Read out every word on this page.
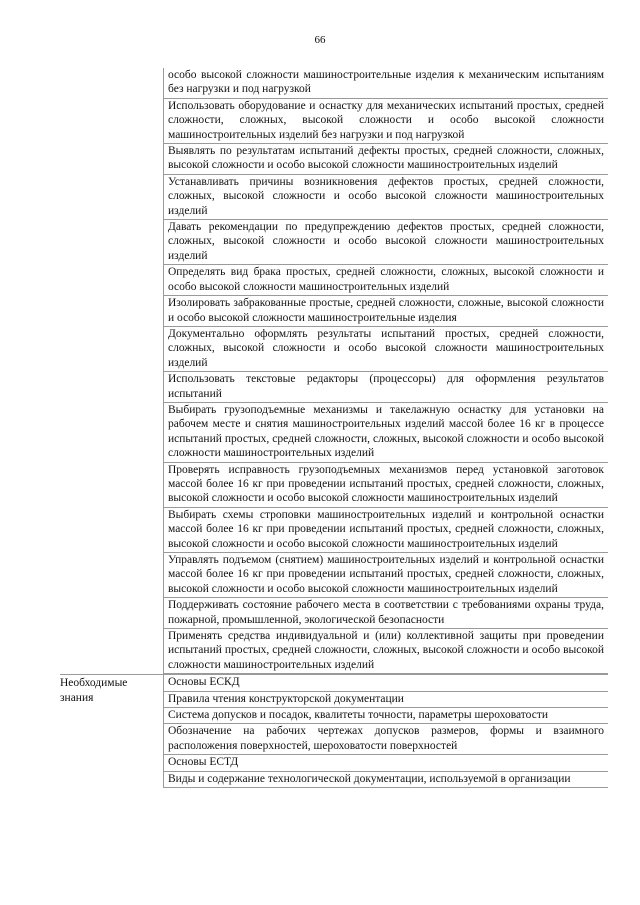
66
особо высокой сложности машиностроительные изделия к механическим испытаниям без нагрузки и под нагрузкой
Использовать оборудование и оснастку для механических испытаний простых, средней сложности, сложных, высокой сложности и особо высокой сложности машиностроительных изделий без нагрузки и под нагрузкой
Выявлять по результатам испытаний дефекты простых, средней сложности, сложных, высокой сложности и особо высокой сложности машиностроительных изделий
Устанавливать причины возникновения дефектов простых, средней сложности, сложных, высокой сложности и особо высокой сложности машиностроительных изделий
Давать рекомендации по предупреждению дефектов простых, средней сложности, сложных, высокой сложности и особо высокой сложности машиностроительных изделий
Определять вид брака простых, средней сложности, сложных, высокой сложности и особо высокой сложности машиностроительных изделий
Изолировать забракованные простые, средней сложности, сложные, высокой сложности и особо высокой сложности машиностроительные изделия
Документально оформлять результаты испытаний простых, средней сложности, сложных, высокой сложности и особо высокой сложности машиностроительных изделий
Использовать текстовые редакторы (процессоры) для оформления результатов испытаний
Выбирать грузоподъемные механизмы и такелажную оснастку для установки на рабочем месте и снятия машиностроительных изделий массой более 16 кг в процессе испытаний простых, средней сложности, сложных, высокой сложности и особо высокой сложности машиностроительных изделий
Проверять исправность грузоподъемных механизмов перед установкой заготовок массой более 16 кг при проведении испытаний простых, средней сложности, сложных, высокой сложности и особо высокой сложности машиностроительных изделий
Выбирать схемы строповки машиностроительных изделий и контрольной оснастки массой более 16 кг при проведении испытаний простых, средней сложности, сложных, высокой сложности и особо высокой сложности машиностроительных изделий
Управлять подъемом (снятием) машиностроительных изделий и контрольной оснастки массой более 16 кг при проведении испытаний простых, средней сложности, сложных, высокой сложности и особо высокой сложности машиностроительных изделий
Поддерживать состояние рабочего места в соответствии с требованиями охраны труда, пожарной, промышленной, экологической безопасности
Применять средства индивидуальной и (или) коллективной защиты при проведении испытаний простых, средней сложности, сложных, высокой сложности и особо высокой сложности машиностроительных изделий
Необходимые знания
Основы ЕСКД
Правила чтения конструкторской документации
Система допусков и посадок, квалитеты точности, параметры шероховатости
Обозначение на рабочих чертежах допусков размеров, формы и взаимного расположения поверхностей, шероховатости поверхностей
Основы ЕСТД
Виды и содержание технологической документации, используемой в организации
